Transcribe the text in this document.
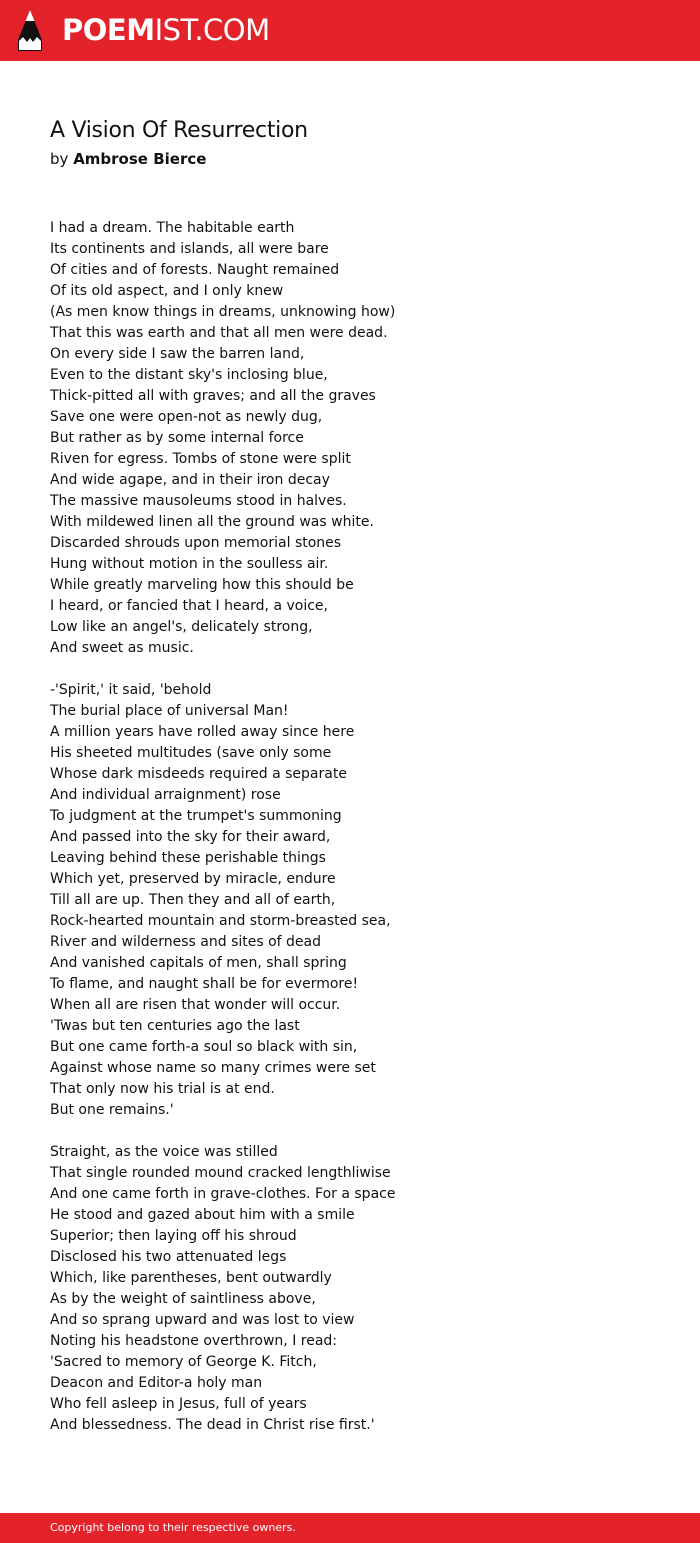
POEMIST.COM
A Vision Of Resurrection
by Ambrose Bierce
I had a dream. The habitable earth
Its continents and islands, all were bare
Of cities and of forests. Naught remained
Of its old aspect, and I only knew
(As men know things in dreams, unknowing how)
That this was earth and that all men were dead.
On every side I saw the barren land,
Even to the distant sky's inclosing blue,
Thick-pitted all with graves; and all the graves
Save one were open-not as newly dug,
But rather as by some internal force
Riven for egress. Tombs of stone were split
And wide agape, and in their iron decay
The massive mausoleums stood in halves.
With mildewed linen all the ground was white.
Discarded shrouds upon memorial stones
Hung without motion in the soulless air.
While greatly marveling how this should be
I heard, or fancied that I heard, a voice,
Low like an angel's, delicately strong,
And sweet as music.
-'Spirit,' it said, 'behold
The burial place of universal Man!
A million years have rolled away since here
His sheeted multitudes (save only some
Whose dark misdeeds required a separate
And individual arraignment) rose
To judgment at the trumpet's summoning
And passed into the sky for their award,
Leaving behind these perishable things
Which yet, preserved by miracle, endure
Till all are up. Then they and all of earth,
Rock-hearted mountain and storm-breasted sea,
River and wilderness and sites of dead
And vanished capitals of men, shall spring
To flame, and naught shall be for evermore!
When all are risen that wonder will occur.
'Twas but ten centuries ago the last
But one came forth-a soul so black with sin,
Against whose name so many crimes were set
That only now his trial is at end.
But one remains.'
Straight, as the voice was stilled
That single rounded mound cracked lengthliwise
And one came forth in grave-clothes. For a space
He stood and gazed about him with a smile
Superior; then laying off his shroud
Disclosed his two attenuated legs
Which, like parentheses, bent outwardly
As by the weight of saintliness above,
And so sprang upward and was lost to view
Noting his headstone overthrown, I read:
'Sacred to memory of George K. Fitch,
Deacon and Editor-a holy man
Who fell asleep in Jesus, full of years
And blessedness. The dead in Christ rise first.'
Copyright belong to their respective owners.
